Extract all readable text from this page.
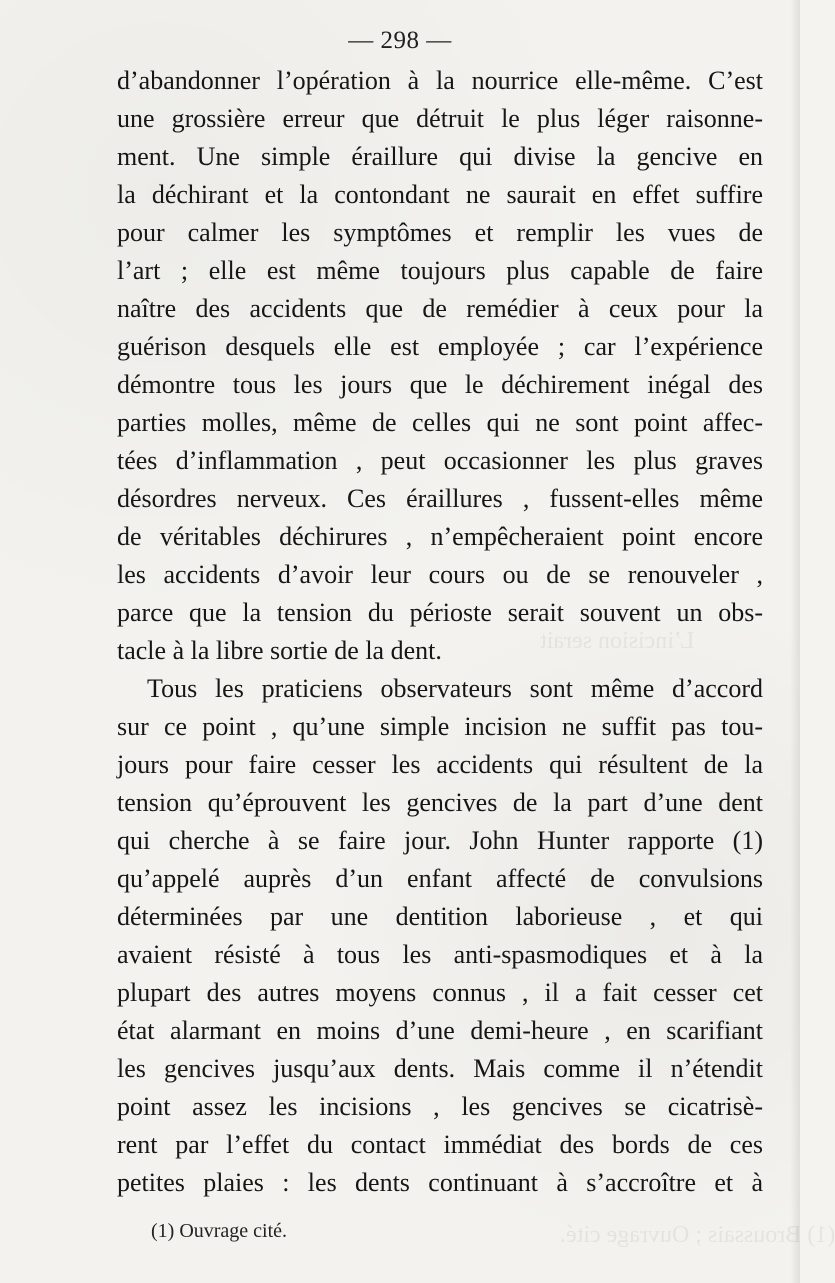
L’incision serait
(1) Broussais ; Ouvrage cité.
— 298 —
d’abandonner l’opération à la nourrice elle-même. C’est
une grossière erreur que détruit le plus léger raisonne-
ment. Une simple éraillure qui divise la gencive en
la déchirant et la contondant ne saurait en effet suffire
pour calmer les symptômes et remplir les vues de
l’art ; elle est même toujours plus capable de faire
naître des accidents que de remédier à ceux pour la
guérison desquels elle est employée ; car l’expérience
démontre tous les jours que le déchirement inégal des
parties molles, même de celles qui ne sont point affec-
tées d’inflammation , peut occasionner les plus graves
désordres nerveux. Ces éraillures , fussent-elles même
de véritables déchirures , n’empêcheraient point encore
les accidents d’avoir leur cours ou de se renouveler ,
parce que la tension du périoste serait souvent un obs-
tacle à la libre sortie de la dent.
Tous les praticiens observateurs sont même d’accord
sur ce point , qu’une simple incision ne suffit pas tou-
jours pour faire cesser les accidents qui résultent de la
tension qu’éprouvent les gencives de la part d’une dent
qui cherche à se faire jour. John Hunter rapporte (1)
qu’appelé auprès d’un enfant affecté de convulsions
déterminées par une dentition laborieuse , et qui
avaient résisté à tous les anti-spasmodiques et à la
plupart des autres moyens connus , il a fait cesser cet
état alarmant en moins d’une demi-heure , en scarifiant
les gencives jusqu’aux dents. Mais comme il n’étendit
point assez les incisions , les gencives se cicatrisè-
rent par l’effet du contact immédiat des bords de ces
petites plaies : les dents continuant à s’accroître et à
(1) Ouvrage cité.
